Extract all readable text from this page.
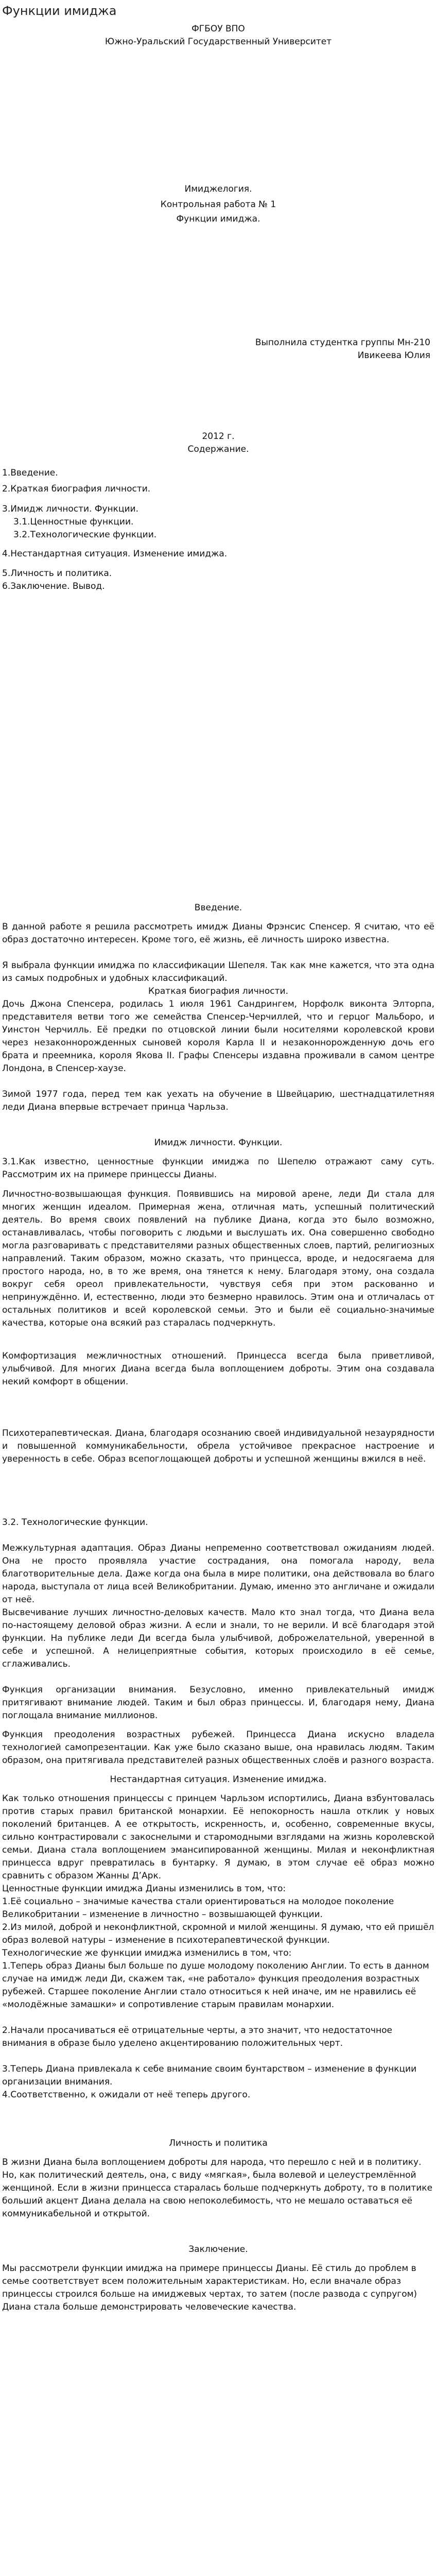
Функции имиджа
ФГБОУ ВПО
Южно-Уральский Государственный Университет
Имиджелогия.
Контрольная работа № 1
Функции имиджа.
Выполнила студентка группы Мн-210
Ивикеева Юлия
2012 г.
Содержание.
1.Введение.
2.Краткая биография личности.
3.Имидж личности. Функции.
3.1.Ценностные функции.
3.2.Технологические функции.
4.Нестандартная ситуация. Изменение имиджа.
5.Личность и политика.
6.Заключение. Вывод.
Введение.

В данной работе я решила рассмотреть имидж Дианы Фрэнсис Спенсер. Я считаю, что её образ достаточно интересен. Кроме того, её жизнь, её личность широко известна.

Я выбрала функции имиджа по классификации Шепеля. Так как мне кажется, что эта одна из самых подробных и удобных классификаций.

Краткая биография личности.

Дочь Джона Спенсера, родилась 1 июля 1961 Сандрингем, Норфолк виконта Элторпа, представителя ветви того же семейства Спенсер-Черчиллей, что и герцог Мальборо, и Уинстон Черчилль. Её предки по отцовской линии были носителями королевской крови через незаконнорожденных сыновей короля Карла II и незаконнорожденную дочь его брата и преемника, короля Якова II. Графы Спенсеры издавна проживали в самом центре Лондона, в Спенсер-хаузе.

Зимой 1977 года, перед тем как уехать на обучение в Швейцарию, шестнадцатилетняя леди Диана впервые встречает принца Чарльза.

Имидж личности. Функции.

3.1.Как известно, ценностные функции имиджа по Шепелю отражают саму суть. Рассмотрим их на примере принцессы Дианы.

Личностно-возвышающая функция. Появившись на мировой арене, леди Ди стала для многих женщин идеалом. Примерная жена, отличная мать, успешный политический деятель. Во время своих появлений на публике Диана, когда это было возможно, останавливалась, чтобы поговорить с людьми и выслушать их. Она совершенно свободно могла разговаривать с представителями разных общественных слоев, партий, религиозных направлений. Таким образом, можно сказать, что принцесса, вроде, и недосягаема для простого народа, но, в то же время, она тянется к нему. Благодаря этому, она создала вокруг себя ореол привлекательности, чувствуя себя при этом раскованно и непринуждённо. И, естественно, люди это безмерно нравилось. Этим она и отличалась от остальных политиков и всей королевской семьи. Это и были её социально-значимые качества, которые она всякий раз старалась подчеркнуть.

Комфортизация межличностных отношений. Принцесса всегда была приветливой, улыбчивой. Для многих Диана всегда была воплощением доброты. Этим она создавала некий комфорт в общении.

Психотерапевтическая. Диана, благодаря осознанию своей индивидуальной незаурядности и повышенной коммуникабельности, обрела устойчивое прекрасное настроение и уверенность в себе. Образ всепоглощающей доброты и успешной женщины вжился в неё.

3.2. Технологические функции.

Межкультурная адаптация. Образ Дианы непременно соответствовал ожиданиям людей. Она не просто проявляла участие сострадания, она помогала народу, вела благотворительные дела. Даже когда она была в мире политики, она действовала во благо народа, выступала от лица всей Великобритании. Думаю, именно это англичане и ожидали от неё.

Высвечивание лучших личностно-деловых качеств. Мало кто знал тогда, что Диана вела по-настоящему деловой образ жизни. А если и знали, то не верили. И всё благодаря этой функции. На публике леди Ди всегда была улыбчивой, доброжелательной, уверенной в себе и успешной. А нелицеприятные события, которых происходило в её семье, сглаживались.

Функция организации внимания. Безусловно, именно привлекательный имидж притягивают внимание людей. Таким и был образ принцессы. И, благодаря нему, Диана поглощала внимание миллионов.

Функция преодоления возрастных рубежей. Принцесса Диана искусно владела технологией самопрезентации. Как уже было сказано выше, она нравилась людям. Таким образом, она притягивала представителей разных общественных слоёв и разного возраста.

Нестандартная ситуация. Изменение имиджа.

Как только отношения принцессы с принцем Чарльзом испортились, Диана взбунтовалась против старых правил британской монархии. Её непокорность нашла отклик у новых поколений британцев. А ее открытость, искренность, и, особенно, современные вкусы, сильно контрастировали с закоснелыми и старомодными взглядами на жизнь королевской семьи. Диана стала воплощением эмансипированной женщины. Милая и неконфликтная принцесса вдруг превратилась в бунтарку. Я думаю, в этом случае её образ можно сравнить с образом Жанны Д’Арк.

Ценностные функции имиджа Дианы изменились в том, что:

1.Её социально – значимые качества стали ориентироваться на молодое поколение Великобритании – изменение в личностно – возвышающей функции.

2.Из милой, доброй и неконфликтной, скромной и милой женщины. Я думаю, что ей пришёл образ волевой натуры – изменение в психотерапевтической функции.

Технологические же функции имиджа изменились в том, что:

1.Теперь образ Дианы был больше по душе молодому поколению Англии. То есть в данном случае на имидж леди Ди, скажем так, «не работало» функция преодоления возрастных рубежей. Старшее поколение Англии стало относиться к ней иначе, им не нравились её «молодёжные замашки» и сопротивление старым правилам монархии.

2.Начали просачиваться её отрицательные черты, а это значит, что недостаточное внимания в образе было уделено акцентированию положительных черт.

3.Теперь Диана привлекала к себе внимание своим бунтарством – изменение в функции организации внимания.

4.Соответственно, к ожидали от неё теперь другого.

Личность и политика

В жизни Диана была воплощением доброты для народа, что перешло с ней и в политику. Но, как политический деятель, она, с виду «мягкая», была волевой и целеустремлённой женщиной. Если в жизни принцесса старалась больше подчеркнуть доброту, то в политике больший акцент Диана делала на свою непоколебимость, что не мешало оставаться её коммуникабельной и открытой.

Заключение.

Мы рассмотрели функции имиджа на примере принцессы Дианы. Её стиль до проблем в семье соответствует всем положительным характеристикам. Но, если вначале образ принцессы строился больше на имиджевых чертах, то затем (после развода с супругом) Диана стала больше демонстрировать человеческие качества.
